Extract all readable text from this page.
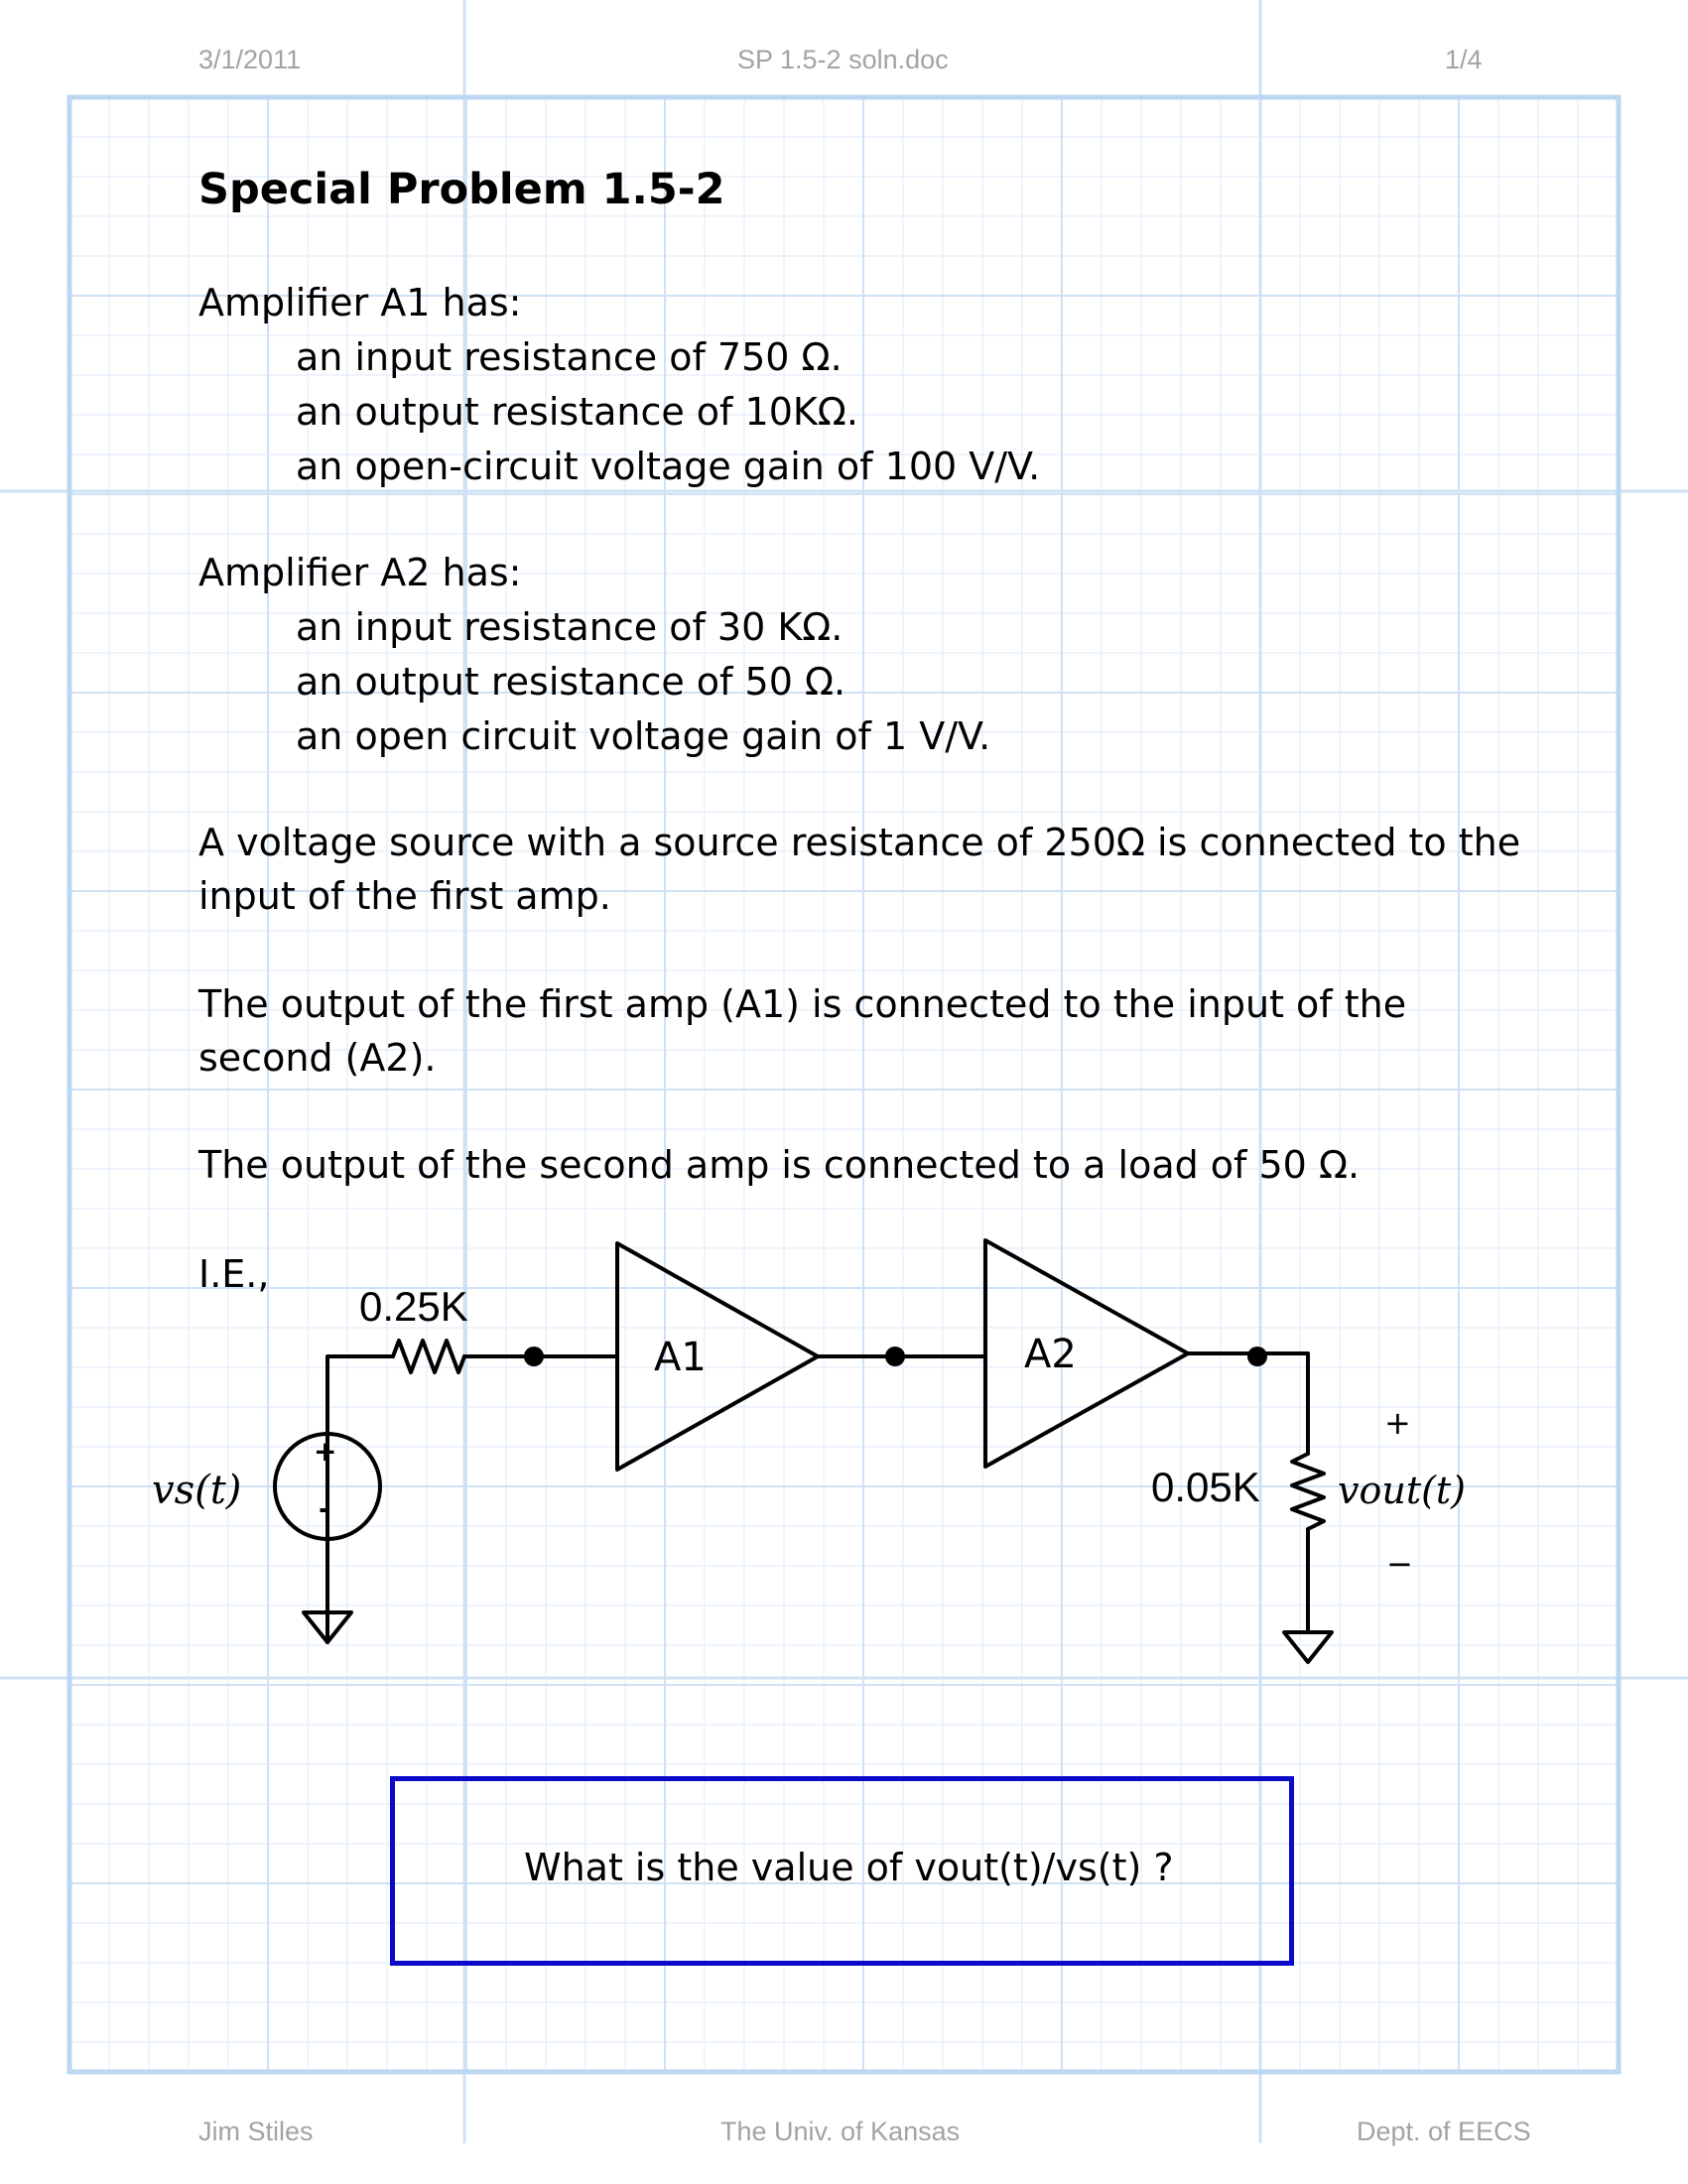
3/1/2011	SP 1.5-2 soln.doc	1/4
Special Problem 1.5-2
Amplifier A1 has:
an input resistance of 750 Ω.
an output resistance of 10KΩ.
an open-circuit voltage gain of 100 V/V.
Amplifier A2 has:
an input resistance of 30 KΩ.
an output resistance of 50 Ω.
an open circuit voltage gain of 1 V/V.
A voltage source with a source resistance of 250Ω is connected to the
input of the first amp.
The output of the first amp (A1) is connected to the input of the
second (A2).
The output of the second amp is connected to a load of 50 Ω.
I.E.,
0.25K
A1	A2
0.05K
+
-
vs(t)	vout(t)
+
−
What is the value of vout(t)/vs(t) ?
Jim Stiles	The Univ. of Kansas	Dept. of EECS
